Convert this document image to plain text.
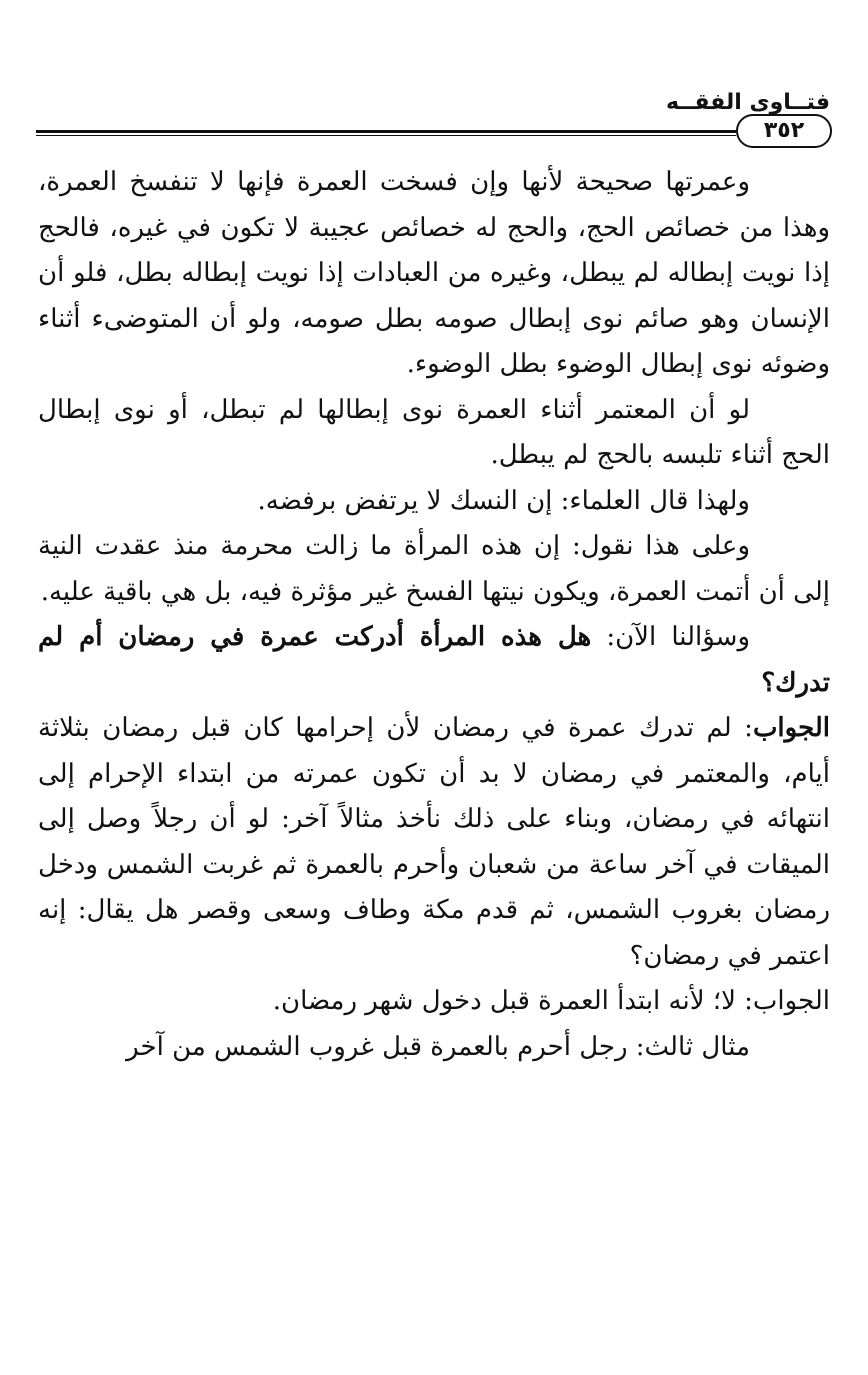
فتــاوى الفقــه
٣٥٢

وعمرتها صحيحة لأنها وإن فسخت العمرة فإنها لا تنفسخ العمرة، وهذا من خصائص الحج، والحج له خصائص عجيبة لا تكون في غيره، فالحج إذا نويت إبطاله لم يبطل، وغيره من العبادات إذا نويت إبطاله بطل، فلو أن الإنسان وهو صائم نوى إبطال صومه بطل صومه، ولو أن المتوضىء أثناء وضوئه نوى إبطال الوضوء بطل الوضوء.

لو أن المعتمر أثناء العمرة نوى إبطالها لم تبطل، أو نوى إبطال الحج أثناء تلبسه بالحج لم يبطل.

ولهذا قال العلماء: إن النسك لا يرتفض برفضه.

وعلى هذا نقول: إن هذه المرأة ما زالت محرمة منذ عقدت النية إلى أن أتمت العمرة، ويكون نيتها الفسخ غير مؤثرة فيه، بل هي باقية عليه.

وسؤالنا الآن: هل هذه المرأة أدركت عمرة في رمضان أم لم تدرك؟

الجواب: لم تدرك عمرة في رمضان لأن إحرامها كان قبل رمضان بثلاثة أيام، والمعتمر في رمضان لا بد أن تكون عمرته من ابتداء الإحرام إلى انتهائه في رمضان، وبناء على ذلك نأخذ مثالاً آخر: لو أن رجلاً وصل إلى الميقات في آخر ساعة من شعبان وأحرم بالعمرة ثم غربت الشمس ودخل رمضان بغروب الشمس، ثم قدم مكة وطاف وسعى وقصر هل يقال: إنه اعتمر في رمضان؟

الجواب: لا؛ لأنه ابتدأ العمرة قبل دخول شهر رمضان.

مثال ثالث: رجل أحرم بالعمرة قبل غروب الشمس من آخر
